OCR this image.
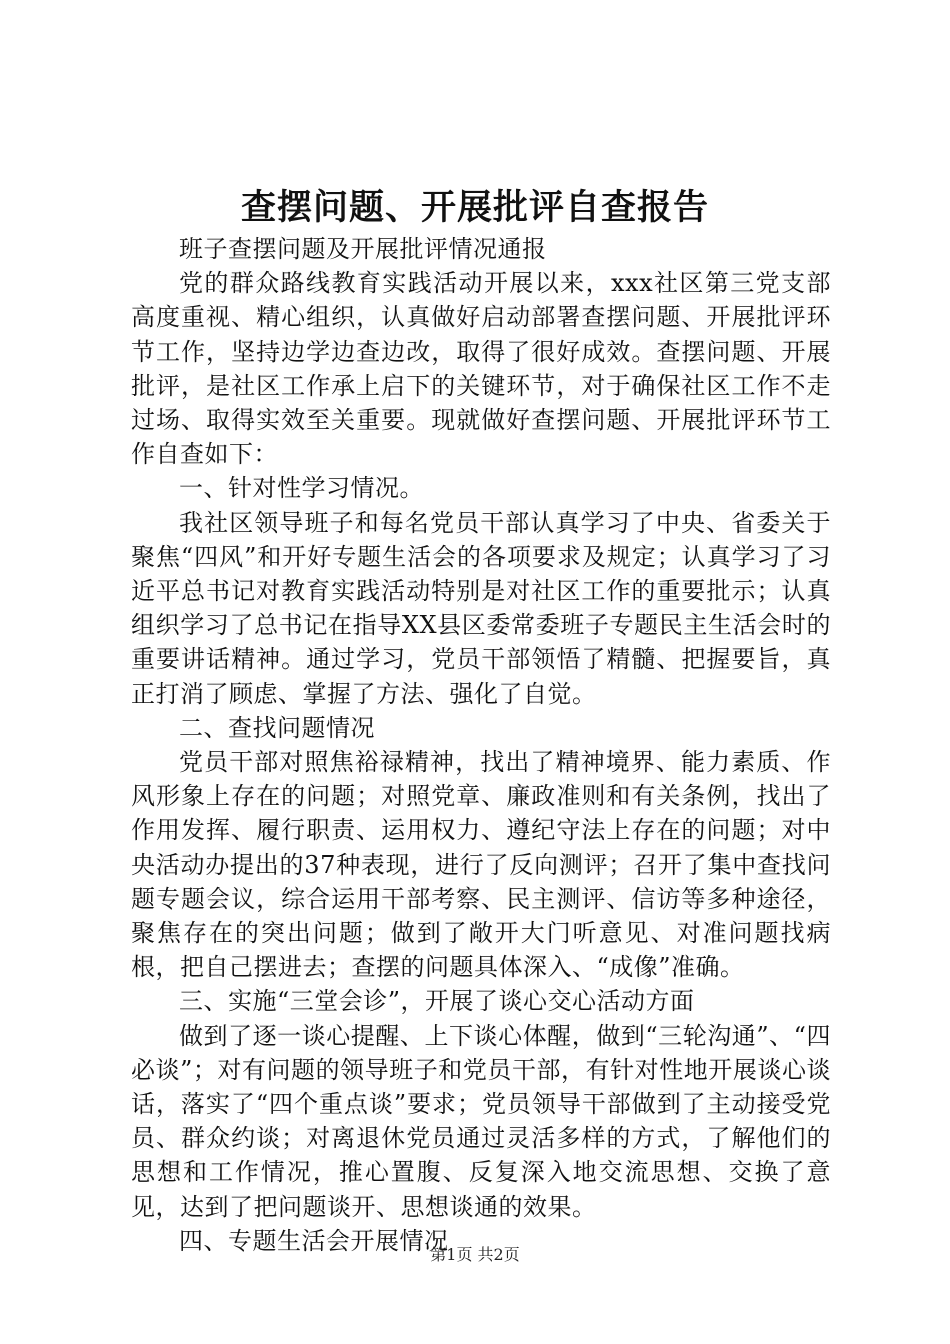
查摆问题、开展批评自查报告

班子查摆问题及开展批评情况通报

党的群众路线教育实践活动开展以来，xxx社区第三党支部高度重视、精心组织，认真做好启动部署查摆问题、开展批评环节工作，坚持边学边查边改，取得了很好成效。查摆问题、开展批评，是社区工作承上启下的关键环节，对于确保社区工作不走过场、取得实效至关重要。现就做好查摆问题、开展批评环节工作自查如下：

一、针对性学习情况。

我社区领导班子和每名党员干部认真学习了中央、省委关于聚焦“四风”和开好专题生活会的各项要求及规定；认真学习了习近平总书记对教育实践活动特别是对社区工作的重要批示；认真组织学习了总书记在指导XX县区委常委班子专题民主生活会时的重要讲话精神。通过学习，党员干部领悟了精髓、把握要旨，真正打消了顾虑、掌握了方法、强化了自觉。

二、查找问题情况

党员干部对照焦裕禄精神，找出了精神境界、能力素质、作风形象上存在的问题；对照党章、廉政准则和有关条例，找出了作用发挥、履行职责、运用权力、遵纪守法上存在的问题；对中央活动办提出的37种表现，进行了反向测评；召开了集中查找问题专题会议，综合运用干部考察、民主测评、信访等多种途径，聚焦存在的突出问题；做到了敞开大门听意见、对准问题找病根，把自己摆进去；查摆的问题具体深入、“成像”准确。

三、实施“三堂会诊”，开展了谈心交心活动方面

做到了逐一谈心提醒、上下谈心体醒，做到“三轮沟通”、“四必谈”；对有问题的领导班子和党员干部，有针对性地开展谈心谈话，落实了“四个重点谈”要求；党员领导干部做到了主动接受党员、群众约谈；对离退休党员通过灵活多样的方式，了解他们的思想和工作情况，推心置腹、反复深入地交流思想、交换了意见，达到了把问题谈开、思想谈通的效果。

四、专题生活会开展情况

第1页 共2页
